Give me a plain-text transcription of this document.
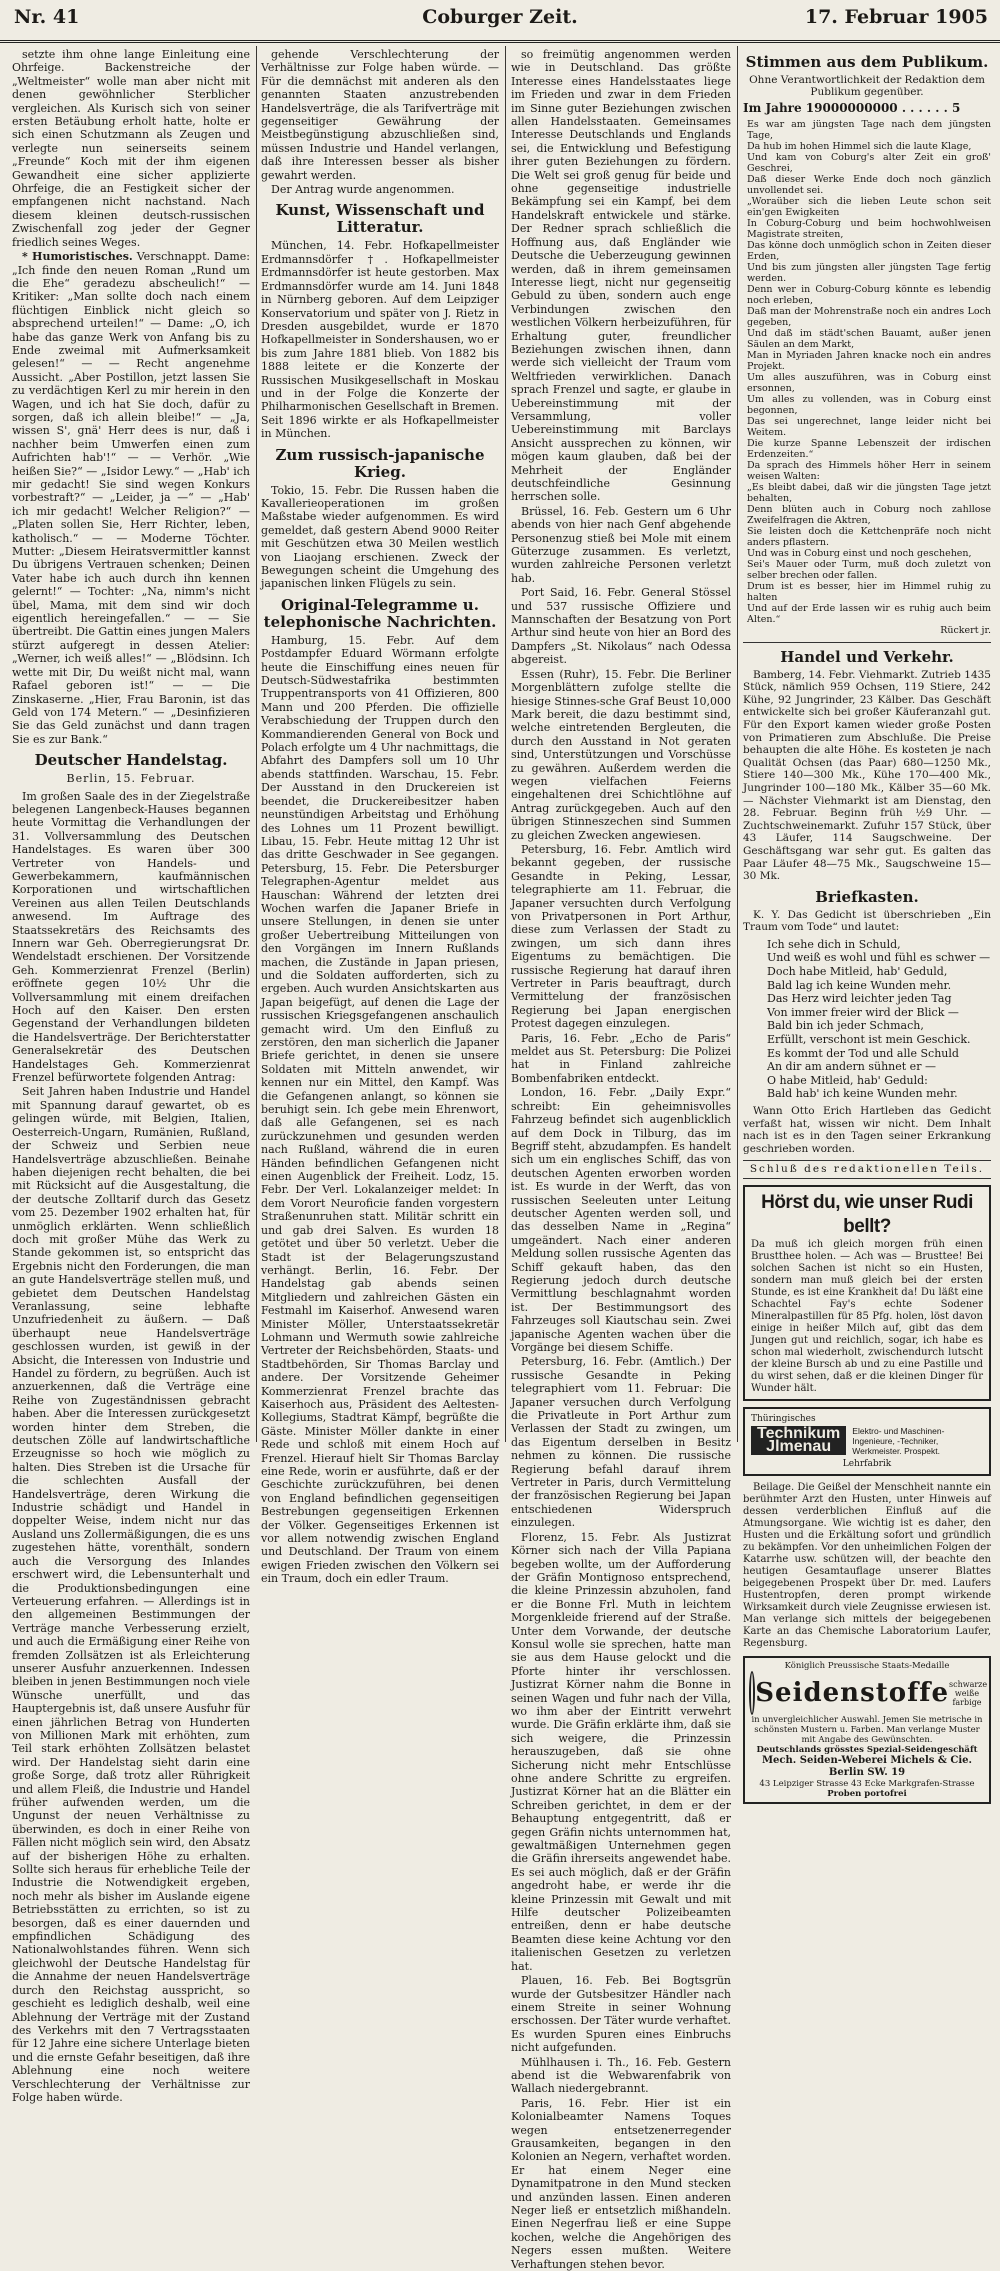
Nr. 41	Coburger Zeit.	17. Februar 1905

setzte ihm ohne lange Einleitung eine Ohrfeige. Backenstreiche der „Weltmeister“ wolle man aber nicht mit denen gewöhnlicher Sterblicher vergleichen. Als Kurisch sich von seiner ersten Betäubung erholt hatte, holte er sich einen Schutzmann als Zeugen und verlegte nun seinerseits seinem „Freunde“ Koch mit der ihm eigenen Gewandheit eine sicher applizierte Ohrfeige, die an Festigkeit sicher der empfangenen nicht nachstand. Nach diesem kleinen deutsch-russischen Zwischenfall zog jeder der Gegner friedlich seines Weges.

* Humoristisches. Verschnappt. Dame: „Ich finde den neuen Roman „Rund um die Ehe“ geradezu abscheulich!“ — Kritiker: „Man sollte doch nach einem flüchtigen Einblick nicht gleich so absprechend urteilen!“ — Dame: „O, ich habe das ganze Werk von Anfang bis zu Ende zweimal mit Aufmerksamkeit gelesen!“ — — Recht angenehme Aussicht. „Aber Postillon, jetzt lassen Sie zu verdächtigen Kerl zu mir herein in den Wagen, und ich hat Sie doch, dafür zu sorgen, daß ich allein bleibe!“ — „Ja, wissen S', gnä' Herr dees is nur, daß i nachher beim Umwerfen einen zum Aufrichten hab'!“ — — Verhör. „Wie heißen Sie?“ — „Isidor Lewy.“ — „Hab' ich mir gedacht! Sie sind wegen Konkurs vorbestraft?“ — „Leider, ja —“ — „Hab' ich mir gedacht! Welcher Religion?“ — „Platen sollen Sie, Herr Richter, leben, katholisch.“ — — Moderne Töchter. Mutter: „Diesem Heiratsvermittler kannst Du übrigens Vertrauen schenken; Deinen Vater habe ich auch durch ihn kennen gelernt!“ — Tochter: „Na, nimm's nicht übel, Mama, mit dem sind wir doch eigentlich hereingefallen.“ — — Sie übertreibt. Die Gattin eines jungen Malers stürzt aufgeregt in dessen Atelier: „Werner, ich weiß alles!“ — „Blödsinn. Ich wette mit Dir, Du weißt nicht mal, wann Rafael geboren ist!“ — — Die Zinskaserne. „Hier, Frau Baronin, ist das Geld von 174 Metern.“ — „Desinfizieren Sie das Geld zunächst und dann tragen Sie es zur Bank.“

Deutscher Handelstag.
Berlin, 15. Februar.

Im großen Saale des in der Ziegelstraße belegenen Langenbeck-Hauses begannen heute Vormittag die Verhandlungen der 31. Vollversammlung des Deutschen Handelstages. Es waren über 300 Vertreter von Handels- und Gewerbekammern, kaufmännischen Korporationen und wirtschaftlichen Vereinen aus allen Teilen Deutschlands anwesend. Im Auftrage des Staatssekretärs des Reichsamts des Innern war Geh. Oberregierungsrat Dr. Wendelstadt erschienen. Der Vorsitzende Geh. Kommerzienrat Frenzel (Berlin) eröffnete gegen 10½ Uhr die Vollversammlung mit einem dreifachen Hoch auf den Kaiser. Den ersten Gegenstand der Verhandlungen bildeten die Handelsverträge. Der Berichterstatter Generalsekretär des Deutschen Handelstages Geh. Kommerzienrat Frenzel befürwortete folgenden Antrag:

Seit Jahren haben Industrie und Handel mit Spannung darauf gewartet, ob es gelingen würde, mit Belgien, Italien, Oesterreich-Ungarn, Rumänien, Rußland, der Schweiz und Serbien neue Handelsverträge abzuschließen. Beinahe haben diejenigen recht behalten, die bei mit Rücksicht auf die Ausgestaltung, die der deutsche Zolltarif durch das Gesetz vom 25. Dezember 1902 erhalten hat, für unmöglich erklärten. Wenn schließlich doch mit großer Mühe das Werk zu Stande gekommen ist, so entspricht das Ergebnis nicht den Forderungen, die man an gute Handelsverträge stellen muß, und gebietet dem Deutschen Handelstag Veranlassung, seine lebhafte Unzufriedenheit zu äußern. — Daß überhaupt neue Handelsverträge geschlossen wurden, ist gewiß in der Absicht, die Interessen von Industrie und Handel zu fördern, zu begrüßen. Auch ist anzuerkennen, daß die Verträge eine Reihe von Zugeständnissen gebracht haben. Aber die Interessen zurückgesetzt worden hinter dem Streben, die deutschen Zölle auf landwirtschaftliche Erzeugnisse so hoch wie möglich zu halten. Dies Streben ist die Ursache für die schlechten Ausfall der Handelsverträge, deren Wirkung die Industrie schädigt und Handel in doppelter Weise, indem nicht nur das Ausland uns Zollermäßigungen, die es uns zugestehen hätte, vorenthält, sondern auch die Versorgung des Inlandes erschwert wird, die Lebensunterhalt und die Produktionsbedingungen eine Verteuerung erfahren. — Allerdings ist in den allgemeinen Bestimmungen der Verträge manche Verbesserung erzielt, und auch die Ermäßigung einer Reihe von fremden Zollsätzen ist als Erleichterung unserer Ausfuhr anzuerkennen. Indessen bleiben in jenen Bestimmungen noch viele Wünsche unerfüllt, und das Hauptergebnis ist, daß unsere Ausfuhr für einen jährlichen Betrag von Hunderten von Millionen Mark mit erhöhten, zum Teil stark erhöhten Zollsätzen belastet wird. Der Handelstag sieht darin eine große Sorge, daß trotz aller Rührigkeit und allem Fleiß, die Industrie und Handel früher aufwenden werden, um die Ungunst der neuen Verhältnisse zu überwinden, es doch in einer Reihe von Fällen nicht möglich sein wird, den Absatz auf der bisherigen Höhe zu erhalten. Sollte sich heraus für erhebliche Teile der Industrie die Notwendigkeit ergeben, noch mehr als bisher im Auslande eigene Betriebsstätten zu errichten, so ist zu besorgen, daß es einer dauernden und empfindlichen Schädigung des Nationalwohlstandes führen. Wenn sich gleichwohl der Deutsche Handelstag für die Annahme der neuen Handelsverträge durch den Reichstag ausspricht, so geschieht es lediglich deshalb, weil eine Ablehnung der Verträge mit der Zustand des Verkehrs mit den 7 Vertragsstaaten für 12 Jahre eine sichere Unterlage bieten und die ernste Gefahr beseitigen, daß ihre Ablehnung eine noch weitere Verschlechterung der Verhältnisse zur Folge haben würde.

gehende Verschlechterung der Verhältnisse zur Folge haben würde. — Für die demnächst mit anderen als den genannten Staaten anzustrebenden Handelsverträge, die als Tarifverträge mit gegenseitiger Gewährung der Meistbegünstigung abzuschließen sind, müssen Industrie und Handel verlangen, daß ihre Interessen besser als bisher gewahrt werden.

Der Antrag wurde angenommen.

Kunst, Wissenschaft und Litteratur.

München, 14. Febr. Hofkapellmeister Erdmannsdörfer †. Hofkapellmeister Erdmannsdörfer ist heute gestorben. Max Erdmannsdörfer wurde am 14. Juni 1848 in Nürnberg geboren. Auf dem Leipziger Konservatorium und später von J. Rietz in Dresden ausgebildet, wurde er 1870 Hofkapellmeister in Sondershausen, wo er bis zum Jahre 1881 blieb. Von 1882 bis 1888 leitete er die Konzerte der Russischen Musikgesellschaft in Moskau und in der Folge die Konzerte der Philharmonischen Gesellschaft in Bremen. Seit 1896 wirkte er als Hofkapellmeister in München.

Zum russisch-japanische Krieg.

Tokio, 15. Febr. Die Russen haben die Kavallerieoperationen im großen Maßstabe wieder aufgenommen. Es wird gemeldet, daß gestern Abend 9000 Reiter mit Geschützen etwa 30 Meilen westlich von Liaojang erschienen. Zweck der Bewegungen scheint die Umgehung des japanischen linken Flügels zu sein.

Original-Telegramme u. telephonische Nachrichten.

Hamburg, 15. Febr. Auf dem Postdampfer Eduard Wörmann erfolgte heute die Einschiffung eines neuen für Deutsch-Südwestafrika bestimmten Truppentransports von 41 Offizieren, 800 Mann und 200 Pferden. Die offizielle Verabschiedung der Truppen durch den Kommandierenden General von Bock und Polach erfolgte um 4 Uhr nachmittags, die Abfahrt des Dampfers soll um 10 Uhr abends stattfinden. Warschau, 15. Febr. Der Ausstand in den Druckereien ist beendet, die Druckereibesitzer haben neunstündigen Arbeitstag und Erhöhung des Lohnes um 11 Prozent bewilligt. Libau, 15. Febr. Heute mittag 12 Uhr ist das dritte Geschwader in See gegangen. Petersburg, 15. Febr. Die Petersburger Telegraphen-Agentur meldet aus Hauschan: Während der letzten drei Wochen warfen die Japaner Briefe in unsere Stellungen, in denen sie unter großer Uebertreibung Mitteilungen von den Vorgängen im Innern Rußlands machen, die Zustände in Japan priesen, und die Soldaten aufforderten, sich zu ergeben. Auch wurden Ansichtskarten aus Japan beigefügt, auf denen die Lage der russischen Kriegsgefangenen anschaulich gemacht wird. Um den Einfluß zu zerstören, den man sicherlich die Japaner Briefe gerichtet, in denen sie unsere Soldaten mit Mitteln anwendet, wir kennen nur ein Mittel, den Kampf. Was die Gefangenen anlangt, so können sie beruhigt sein. Ich gebe mein Ehrenwort, daß alle Gefangenen, sei es nach zurückzunehmen und gesunden werden nach Rußland, während die in euren Händen befindlichen Gefangenen nicht einen Augenblick der Freiheit. Lodz, 15. Febr. Der Verl. Lokalanzeiger meldet: In dem Vorort Neuroficie fanden vorgestern Straßenunruhen statt. Militär schritt ein und gab drei Salven. Es wurden 18 getötet und über 50 verletzt. Ueber die Stadt ist der Belagerungszustand verhängt. Berlin, 16. Febr. Der Handelstag gab abends seinen Mitgliedern und zahlreichen Gästen ein Festmahl im Kaiserhof. Anwesend waren Minister Möller, Unterstaatssekretär Lohmann und Wermuth sowie zahlreiche Vertreter der Reichsbehörden, Staats- und Stadtbehörden, Sir Thomas Barclay und andere. Der Vorsitzende Geheimer Kommerzienrat Frenzel brachte das Kaiserhoch aus, Präsident des Aeltesten-Kollegiums, Stadtrat Kämpf, begrüßte die Gäste. Minister Möller dankte in einer Rede und schloß mit einem Hoch auf Frenzel. Hierauf hielt Sir Thomas Barclay eine Rede, worin er ausführte, daß er der Geschichte zurückzuführen, bei denen von England befindlichen gegenseitigen Bestrebungen gegenseitigen Erkennen der Völker. Gegenseitiges Erkennen ist vor allem notwendig zwischen England und Deutschland. Der Traum von einem ewigen Frieden zwischen den Völkern sei ein Traum, doch ein edler Traum.

so freimütig angenommen werden wie in Deutschland. Das größte Interesse eines Handelsstaates liege im Frieden und zwar in dem Frieden im Sinne guter Beziehungen zwischen allen Handelsstaaten. Gemeinsames Interesse Deutschlands und Englands sei, die Entwicklung und Befestigung ihrer guten Beziehungen zu fördern. Die Welt sei groß genug für beide und ohne gegenseitige industrielle Bekämpfung sei ein Kampf, bei dem Handelskraft entwickele und stärke. Der Redner sprach schließlich die Hoffnung aus, daß Engländer wie Deutsche die Ueberzeugung gewinnen werden, daß in ihrem gemeinsamen Interesse liegt, nicht nur gegenseitig Gebuld zu üben, sondern auch enge Verbindungen zwischen den westlichen Völkern herbeizuführen, für Erhaltung guter, freundlicher Beziehungen zwischen ihnen, dann werde sich vielleicht der Traum vom Weltfrieden verwirklichen. Danach sprach Frenzel und sagte, er glaube in Uebereinstimmung mit der Versammlung, voller Uebereinstimmung mit Barclays Ansicht aussprechen zu können, wir mögen kaum glauben, daß bei der Mehrheit der Engländer deutschfeindliche Gesinnung herrschen solle.

Brüssel, 16. Feb. Gestern um 6 Uhr abends von hier nach Genf abgehende Personenzug stieß bei Mole mit einem Güterzuge zusammen. Es verletzt, wurden zahlreiche Personen verletzt hab.

Port Said, 16. Febr. General Stössel und 537 russische Offiziere und Mannschaften der Besatzung von Port Arthur sind heute von hier an Bord des Dampfers „St. Nikolaus“ nach Odessa abgereist.

Essen (Ruhr), 15. Febr. Die Berliner Morgenblättern zufolge stellte die hiesige Stinnes-sche Graf Beust 10,000 Mark bereit, die dazu bestimmt sind, welche eintretenden Bergleuten, die durch den Ausstand in Not geraten sind, Unterstützungen und Vorschüsse zu gewähren. Außerdem werden die wegen vielfachen Feierns eingehaltenen drei Schichtlöhne auf Antrag zurückgegeben. Auch auf den übrigen Stinneszechen sind Summen zu gleichen Zwecken angewiesen.

Petersburg, 16. Febr. Amtlich wird bekannt gegeben, der russische Gesandte in Peking, Lessar, telegraphierte am 11. Februar, die Japaner versuchten durch Verfolgung von Privatpersonen in Port Arthur, diese zum Verlassen der Stadt zu zwingen, um sich dann ihres Eigentums zu bemächtigen. Die russische Regierung hat darauf ihren Vertreter in Paris beauftragt, durch Vermittelung der französischen Regierung bei Japan energischen Protest dagegen einzulegen.

Paris, 16. Febr. „Echo de Paris“ meldet aus St. Petersburg: Die Polizei hat in Finland zahlreiche Bombenfabriken entdeckt.

London, 16. Febr. „Daily Expr.“ schreibt: Ein geheimnisvolles Fahrzeug befindet sich augenblicklich auf dem Dock in Tilburg, das im Begriff steht, abzudampfen. Es handelt sich um ein englisches Schiff, das von deutschen Agenten erworben worden ist. Es wurde in der Werft, das von russischen Seeleuten unter Leitung deutscher Agenten werden soll, und das desselben Name in „Regina“ umgeändert. Nach einer anderen Meldung sollen russische Agenten das Schiff gekauft haben, das den Regierung jedoch durch deutsche Vermittlung beschlagnahmt worden ist. Der Bestimmungsort des Fahrzeuges soll Kiautschau sein. Zwei japanische Agenten wachen über die Vorgänge bei diesem Schiffe.

Petersburg, 16. Febr. (Amtlich.) Der russische Gesandte in Peking telegraphiert vom 11. Februar: Die Japaner versuchen durch Verfolgung die Privatleute in Port Arthur zum Verlassen der Stadt zu zwingen, um das Eigentum derselben in Besitz nehmen zu können. Die russische Regierung befahl darauf ihrem Vertreter in Paris, durch Vermittelung der französischen Regierung bei Japan entschiedenen Widerspruch einzulegen.

Florenz, 15. Febr. Als Justizrat Körner sich nach der Villa Papiana begeben wollte, um der Aufforderung der Gräfin Montignoso entsprechend, die kleine Prinzessin abzuholen, fand er die Bonne Frl. Muth in leichtem Morgenkleide frierend auf der Straße. Unter dem Vorwande, der deutsche Konsul wolle sie sprechen, hatte man sie aus dem Hause gelockt und die Pforte hinter ihr verschlossen. Justizrat Körner nahm die Bonne in seinen Wagen und fuhr nach der Villa, wo ihm aber der Eintritt verwehrt wurde. Die Gräfin erklärte ihm, daß sie sich weigere, die Prinzessin herauszugeben, daß sie ohne Sicherung nicht mehr Entschlüsse ohne andere Schritte zu ergreifen. Justizrat Körner hat an die Blätter ein Schreiben gerichtet, in dem er der Behauptung entgegentritt, daß er gegen Gräfin nichts unternommen hat, gewaltmäßigen Unternehmen gegen die Gräfin ihrerseits angewendet habe. Es sei auch möglich, daß er der Gräfin angedroht habe, er werde ihr die kleine Prinzessin mit Gewalt und mit Hilfe deutscher Polizeibeamten entreißen, denn er habe deutsche Beamten diese keine Achtung vor den italienischen Gesetzen zu verletzen hat.

Plauen, 16. Feb. Bei Bogtsgrün wurde der Gutsbesitzer Händler nach einem Streite in seiner Wohnung erschossen. Der Täter wurde verhaftet. Es wurden Spuren eines Einbruchs nicht aufgefunden.

Mühlhausen i. Th., 16. Feb. Gestern abend ist die Webwarenfabrik von Wallach niedergebrannt.

Paris, 16. Febr. Hier ist ein Kolonialbeamter Namens Toques wegen entsetzenerregender Grausamkeiten, begangen in den Kolonien an Negern, verhaftet worden. Er hat einem Neger eine Dynamitpatrone in den Mund stecken und anzünden lassen. Einen anderen Neger ließ er entsetzlich mißhandeln. Einen Negerfrau ließ er eine Suppe kochen, welche die Angehörigen des Negers essen mußten. Weitere Verhaftungen stehen bevor.

Stimmen aus dem Publikum.
Ohne Verantwortlichkeit der Redaktion dem Publikum gegenüber.
Im Jahre 19000000000 . . . . . . 5
Es war am jüngsten Tage nach dem jüngsten Tage,
Da hub im hohen Himmel sich die laute Klage,
Und kam von Coburg's alter Zeit ein groß' Geschrei,
Daß dieser Werke Ende doch noch gänzlich unvollendet sei.
„Woraüber sich die lieben Leute schon seit ein'gen Ewigkeiten
In Coburg-Coburg und beim hochwohlweisen Magistrate streiten,
Das könne doch unmöglich schon in Zeiten dieser Erden,
Und bis zum jüngsten aller jüngsten Tage fertig werden.
Denn wer in Coburg-Coburg könnte es lebendig noch erleben,
Daß man der Mohrenstraße noch ein andres Loch gegeben,
Und daß im städt'schen Bauamt, außer jenen Säulen an dem Markt,
Man in Myriaden Jahren knacke noch ein andres Projekt.
Um alles auszuführen, was in Coburg einst ersonnen,
Um alles zu vollenden, was in Coburg einst begonnen,
Das sei ungerechnet, lange leider nicht bei Weitem.
Die kurze Spanne Lebenszeit der irdischen Erdenzeiten.“
Da sprach des Himmels höher Herr in seinem weisen Walten:
„Es bleibt dabei, daß wir die jüngsten Tage jetzt behalten,
Denn blüten auch in Coburg noch zahllose Zweifelfragen die Aktren,
Sie leisten doch die Kettchenpräfe noch nicht anders pflastern.
Und was in Coburg einst und noch geschehen,
Sei's Mauer oder Turm, muß doch zuletzt von selber brechen oder fallen.
Drum ist es besser, hier im Himmel ruhig zu halten
Und auf der Erde lassen wir es ruhig auch beim Alten.“
Rückert jr.
Handel und Verkehr.

Bamberg, 14. Febr. Viehmarkt. Zutrieb 1435 Stück, nämlich 959 Ochsen, 119 Stiere, 242 Kühe, 92 Jungrinder, 23 Kälber. Das Geschäft entwickelte sich bei großer Käuferanzahl gut. Für den Export kamen wieder große Posten von Primatieren zum Abschluße. Die Preise behaupten die alte Höhe. Es kosteten je nach Qualität Ochsen (das Paar) 680—1250 Mk., Stiere 140—300 Mk., Kühe 170—400 Mk., Jungrinder 100—180 Mk., Kälber 35—60 Mk. — Nächster Viehmarkt ist am Dienstag, den 28. Februar. Beginn früh ½9 Uhr. — Zuchtschweinemarkt. Zufuhr 157 Stück, über 43 Läufer, 114 Saugschweine. Der Geschäftsgang war sehr gut. Es galten das Paar Läufer 48—75 Mk., Saugschweine 15—30 Mk.

Briefkasten.

K. Y. Das Gedicht ist überschrieben „Ein Traum vom Tode“ und lautet:

Ich sehe dich in Schuld,
Und weiß es wohl und fühl es schwer —
Doch habe Mitleid, hab' Geduld,
Bald lag ich keine Wunden mehr.
Das Herz wird leichter jeden Tag
Von immer freier wird der Blick —
Bald bin ich jeder Schmach,
Erfüllt, verschont ist mein Geschick.
Es kommt der Tod und alle Schuld
An dir am andern sühnet er —
O habe Mitleid, hab' Geduld:
Bald hab' ich keine Wunden mehr.

Wann Otto Erich Hartleben das Gedicht verfaßt hat, wissen wir nicht. Dem Inhalt nach ist es in den Tagen seiner Erkrankung geschrieben worden.

Schluß des redaktionellen Teils.
Hörst du, wie unser Rudi bellt?
Da muß ich gleich morgen früh einen Brustthee holen. — Ach was — Brusttee! Bei solchen Sachen ist nicht so ein Husten, sondern man muß gleich bei der ersten Stunde, es ist eine Krankheit da! Du läßt eine Schachtel Fay's echte Sodener Mineralpastillen für 85 Pfg. holen, löst davon einige in heißer Milch auf, gibt das dem Jungen gut und reichlich, sogar, ich habe es schon mal wiederholt, zwischendurch lutscht der kleine Bursch ab und zu eine Pastille und du wirst sehen, daß er die kleinen Dinger für Wunder hält.
Thüringisches
Technikum Jlmenau
Elektro- und Maschinen-Ingenieure, -Techniker, Werkmeister. Prospekt.
Lehrfabrik

Beilage. Die Geißel der Menschheit nannte ein berühmter Arzt den Husten, unter Hinweis auf dessen verderblichen Einfluß auf die Atmungsorgane. Wie wichtig ist es daher, den Husten und die Erkältung sofort und gründlich zu bekämpfen. Vor den unheimlichen Folgen der Katarrhe usw. schützen will, der beachte den heutigen Gesamtauflage unserer Blattes beigegebenen Prospekt über Dr. med. Laufers Hustentropfen, deren prompt wirkende Wirksamkeit durch viele Zeugnisse erwiesen ist. Man verlange sich mittels der beigegebenen Karte an das Chemische Laboratorium Laufer, Regensburg.

Königlich Preussische Staats-Medaille
Seidenstoffe schwarze weiße farbige
in unvergleichlicher Auswahl. Jemen Sie metrische in schönsten Mustern u. Farben. Man verlange Muster mit Angabe des Gewünschten.
Deutschlands grösstes Spezial-Seidengeschäft
Mech. Seiden-Weberei Michels & Cie. Berlin SW. 19
43 Leipziger Strasse 43 Ecke Markgrafen-Strasse
Proben portofrei
